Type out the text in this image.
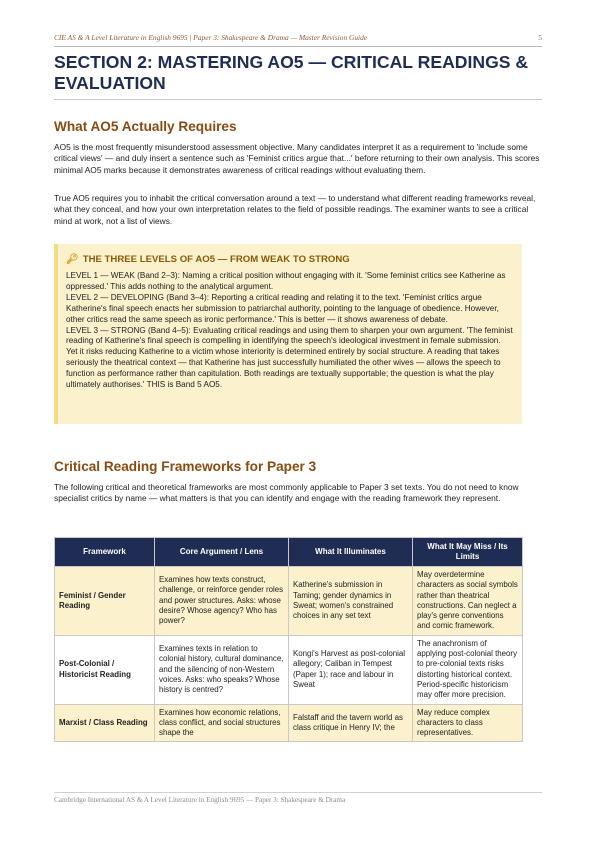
CIE AS & A Level Literature in English 9695 | Paper 3: Shakespeare & Drama — Master Revision Guide	5
SECTION 2: MASTERING AO5 — CRITICAL READINGS & EVALUATION
What AO5 Actually Requires

AO5 is the most frequently misunderstood assessment objective. Many candidates interpret it as a requirement to 'include some critical views' — and duly insert a sentence such as 'Feminist critics argue that...' before returning to their own analysis. This scores minimal AO5 marks because it demonstrates awareness of critical readings without evaluating them.

True AO5 requires you to inhabit the critical conversation around a text — to understand what different reading frameworks reveal, what they conceal, and how your own interpretation relates to the field of possible readings. The examiner wants to see a critical mind at work, not a list of views.

🔑︎ THE THREE LEVELS OF AO5 — FROM WEAK TO STRONG

LEVEL 1 — WEAK (Band 2–3): Naming a critical position without engaging with it. 'Some feminist critics see Katherine as oppressed.' This adds nothing to the analytical argument.

LEVEL 2 — DEVELOPING (Band 3–4): Reporting a critical reading and relating it to the text. 'Feminist critics argue Katherine's final speech enacts her submission to patriarchal authority, pointing to the language of obedience. However, other critics read the same speech as ironic performance.' This is better — it shows awareness of debate.

LEVEL 3 — STRONG (Band 4–5): Evaluating critical readings and using them to sharpen your own argument. 'The feminist reading of Katherine's final speech is compelling in identifying the speech's ideological investment in female submission. Yet it risks reducing Katherine to a victim whose interiority is determined entirely by social structure. A reading that takes seriously the theatrical context — that Katherine has just successfully humiliated the other wives — allows the speech to function as performance rather than capitulation. Both readings are textually supportable; the question is what the play ultimately authorises.' THIS is Band 5 AO5.

Critical Reading Frameworks for Paper 3

The following critical and theoretical frameworks are most commonly applicable to Paper 3 set texts. You do not need to know specialist critics by name — what matters is that you can identify and engage with the reading framework they represent.

Framework	Core Argument / Lens	What It Illuminates	What It May Miss / Its Limits
Feminist / Gender Reading	Examines how texts construct, challenge, or reinforce gender roles and power structures. Asks: whose desire? Whose agency? Who has power?	Katherine's submission in Taming; gender dynamics in Sweat; women's constrained choices in any set text	May overdetermine characters as social symbols rather than theatrical constructions. Can neglect a play's genre conventions and comic framework.
Post-Colonial / Historicist Reading	Examines texts in relation to colonial history, cultural dominance, and the silencing of non-Western voices. Asks: who speaks? Whose history is centred?	Kongi's Harvest as post-colonial allegory; Caliban in Tempest (Paper 1); race and labour in Sweat	The anachronism of applying post-colonial theory to pre-colonial texts risks distorting historical context. Period-specific historicism may offer more precision.
Marxist / Class Reading	Examines how economic relations, class conflict, and social structures shape the	Falstaff and the tavern world as class critique in Henry IV; the	May reduce complex characters to class representatives.
Cambridge International AS & A Level Literature in English 9695 — Paper 3: Shakespeare & Drama
